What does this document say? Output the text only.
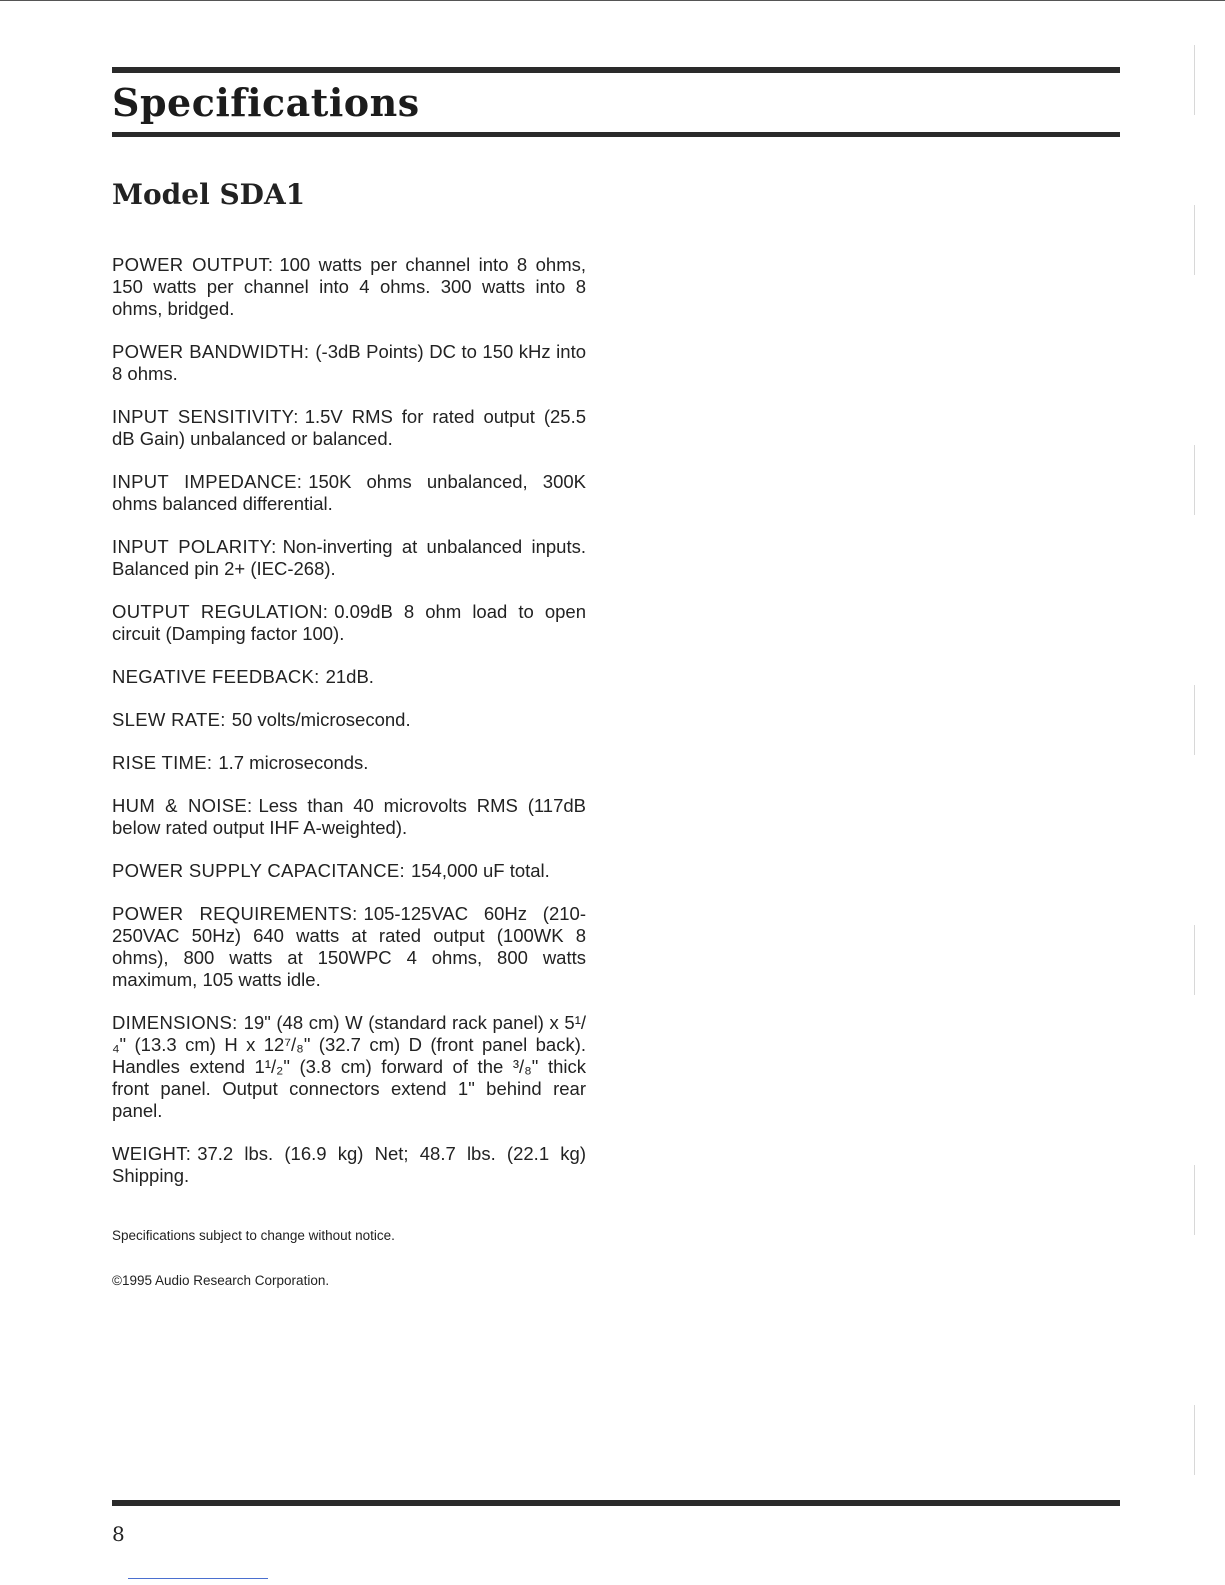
Specifications
Model SDA1

POWER OUTPUT: 100 watts per channel into 8 ohms, 150 watts per channel into 4 ohms. 300 watts into 8 ohms, bridged.

POWER BANDWIDTH: (-3dB Points) DC to 150 kHz into 8 ohms.

INPUT SENSITIVITY: 1.5V RMS for rated output (25.5 dB Gain) unbalanced or balanced.

INPUT IMPEDANCE: 150K ohms unbalanced, 300K ohms balanced differential.

INPUT POLARITY: Non-inverting at unbalanced inputs. Balanced pin 2+ (IEC-268).

OUTPUT REGULATION: 0.09dB 8 ohm load to open circuit (Damping factor 100).

NEGATIVE FEEDBACK: 21dB.

SLEW RATE: 50 volts/microsecond.

RISE TIME: 1.7 microseconds.

HUM & NOISE: Less than 40 microvolts RMS (117dB below rated output IHF A-weighted).

POWER SUPPLY CAPACITANCE: 154,000 uF total.

POWER REQUIREMENTS: 105-125VAC 60Hz (210-250VAC 50Hz) 640 watts at rated output (100WK 8 ohms), 800 watts at 150WPC 4 ohms, 800 watts maximum, 105 watts idle.

DIMENSIONS: 19" (48 cm) W (standard rack panel) x 5¹/₄" (13.3 cm) H x 12⁷/₈" (32.7 cm) D (front panel back). Handles extend 1¹/₂" (3.8 cm) forward of the ³/₈" thick front panel. Output connectors extend 1" behind rear panel.

WEIGHT: 37.2 lbs. (16.9 kg) Net; 48.7 lbs. (22.1 kg) Shipping.

Specifications subject to change without notice.
©1995 Audio Research Corporation.
8
